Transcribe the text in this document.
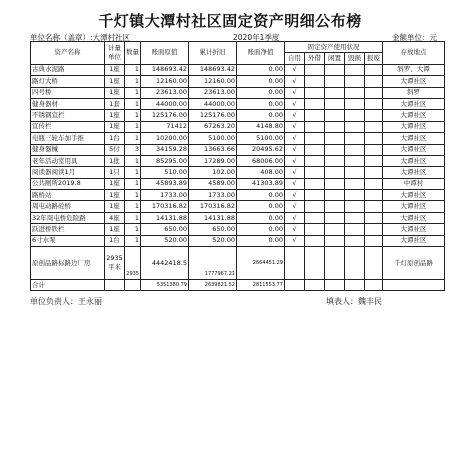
千灯镇大潭村社区固定资产明细公布榜
单位名称（盖章）:大潭村社区	2020年1季度	金额单位：元
资产名称	计量单位	数量	账面原值	累计折旧	账面净值	固定资产使用状况					存放地点
						自用	外借	闲置	毁损	报废	
古典水泥路	1座	1	148693.42	148693.42	0.00	√					斜罗、大谭
路灯大桥	1座	1	12160.00	12160.00	0.00	√					大谭社区
四号桥	1座	1	23613.00	23613.00	0.00	√					斜罗
健身器材	1套	1	44000.00	44000.00	0.00	√					大谭社区
不锈钢宣栏	1座	1	125176.00	125176.00	0.00	√					大谭社区
宣传栏	1座	1	71412	67263.20	4148.80	√					大谭社区
电瓶三轮车加手推	1台	1	10200.00	5100.00	5100.00	√					大谭社区
健身器械	5付	3	34159.28	13663.66	20495.62	√					大谭社区
老年活动室用具	1批	1	85295.00	17289.00	68006.00	√					大谭社区
阅读器阅读1月	1只	1	510.00	102.00	408.00	√					大谭社区
公共厕所2019.8	1座	1	45893.89	4589.00	41303.89	√					中谭村
路桥站	1座	1	1733.00	1733.00	0.00	√					大谭社区
周屯动路砼桥	1座	1	170316.82	170316.82	0.00	√					大谭社区
32年周屯桥危险路	4座	1	14131.88	14131.88	0.00	√					大谭社区
跃进桥铁栏	1座	1	650.00	650.00	0.00	√					大谭社区
6寸水泵	1台	1	520.00	520.00	0.00	√					大谭社区
原创品路标路边厂房	2935平米	2935	4442418.5	1777967.21	2664451.29						千灯原创品路
合计			5351380.79	2639821.52	2811553.77						
单位负责人：王永丽	填表人：魏丰民
